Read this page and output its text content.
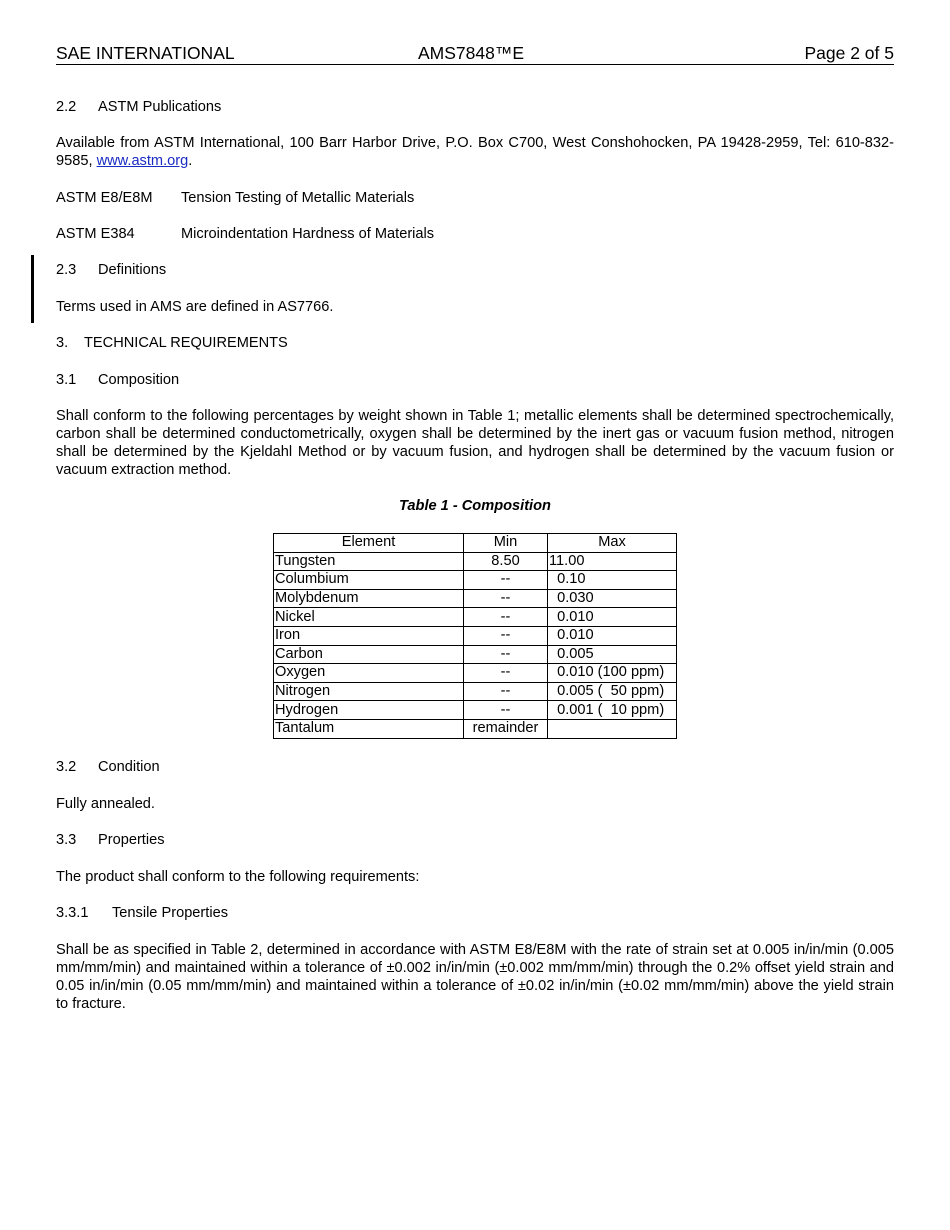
SAE INTERNATIONAL	AMS7848™E	Page 2 of 5
2.2 ASTM Publications
Available from ASTM International, 100 Barr Harbor Drive, P.O. Box C700, West Conshohocken, PA 19428-2959, Tel: 610-832-9585, www.astm.org.
ASTM E8/E8M Tension Testing of Metallic Materials
ASTM E384	Microindentation Hardness of Materials
2.3 Definitions
Terms used in AMS are defined in AS7766.
3. TECHNICAL REQUIREMENTS
3.1 Composition
Shall conform to the following percentages by weight shown in Table 1; metallic elements shall be determined spectrochemically, carbon shall be determined conductometrically, oxygen shall be determined by the inert gas or vacuum fusion method, nitrogen shall be determined by the Kjeldahl Method or by vacuum fusion, and hydrogen shall be determined by the vacuum fusion or vacuum extraction method.
Table 1 - Composition
Element	Min	Max
Tungsten	8.50	11.00
Columbium	--	0.10
Molybdenum	--	0.030
Nickel	--	0.010
Iron	--	0.010
Carbon	--	0.005
Oxygen	--	0.010 (100 ppm)
Nitrogen	--	0.005 (  50 ppm)
Hydrogen	--	0.001 (  10 ppm)
Tantalum	remainder	
3.2 Condition
Fully annealed.
3.3 Properties
The product shall conform to the following requirements:
3.3.1 Tensile Properties
Shall be as specified in Table 2, determined in accordance with ASTM E8/E8M with the rate of strain set at 0.005 in/in/min (0.005 mm/mm/min) and maintained within a tolerance of ±0.002 in/in/min (±0.002 mm/mm/min) through the 0.2% offset yield strain and 0.05 in/in/min (0.05 mm/mm/min) and maintained within a tolerance of ±0.02 in/in/min (±0.02 mm/mm/min) above the yield strain to fracture.
